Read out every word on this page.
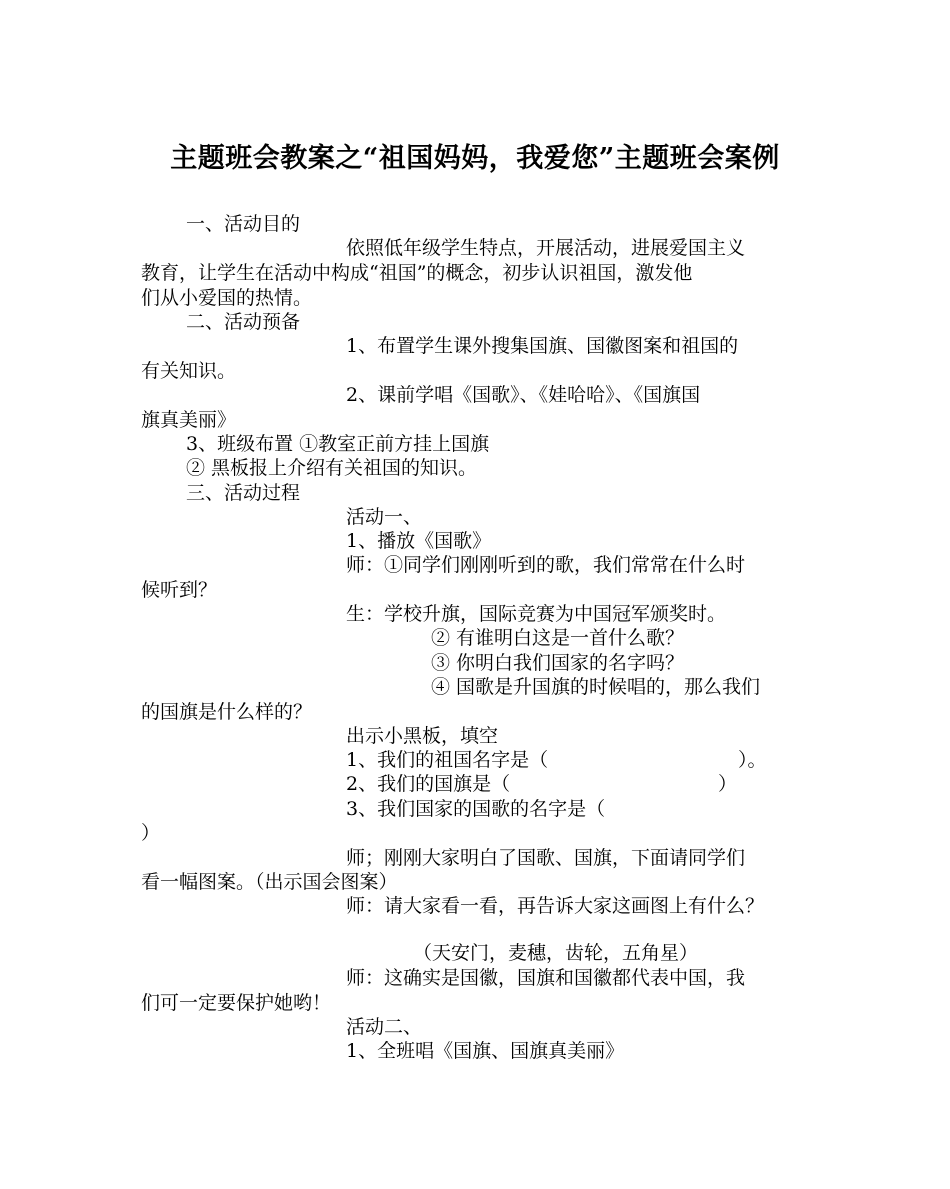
主题班会教案之“祖国妈妈，我爱您”主题班会案例
一、活动目的
依照低年级学生特点，开展活动，进展爱国主义
教育，让学生在活动中构成“祖国”的概念，初步认识祖国，激发他
们从小爱国的热情。
二、活动预备
1、布置学生课外搜集国旗、国徽图案和祖国的
有关知识。
2、课前学唱《国歌》、《娃哈哈》、《国旗国
旗真美丽》
3、班级布置 ①教室正前方挂上国旗
② 黑板报上介绍有关祖国的知识。
三、活动过程
活动一、
1、播放《国歌》
师：①同学们刚刚听到的歌，我们常常在什么时
候听到？
生：学校升旗，国际竞赛为中国冠军颁奖时。
② 有谁明白这是一首什么歌？
③ 你明白我们国家的名字吗？
④ 国歌是升国旗的时候唱的，那么我们
的国旗是什么样的？
出示小黑板，填空
1、我们的祖国名字是（	）。
2、我们的国旗是（	）
3、我们国家的国歌的名字是（
）
师；刚刚大家明白了国歌、国旗，下面请同学们
看一幅图案。（出示国会图案）
师：请大家看一看，再告诉大家这画图上有什么？
（天安门，麦穗，齿轮，五角星）
师：这确实是国徽，国旗和国徽都代表中国，我
们可一定要保护她哟！
活动二、
1、全班唱《国旗、国旗真美丽》
